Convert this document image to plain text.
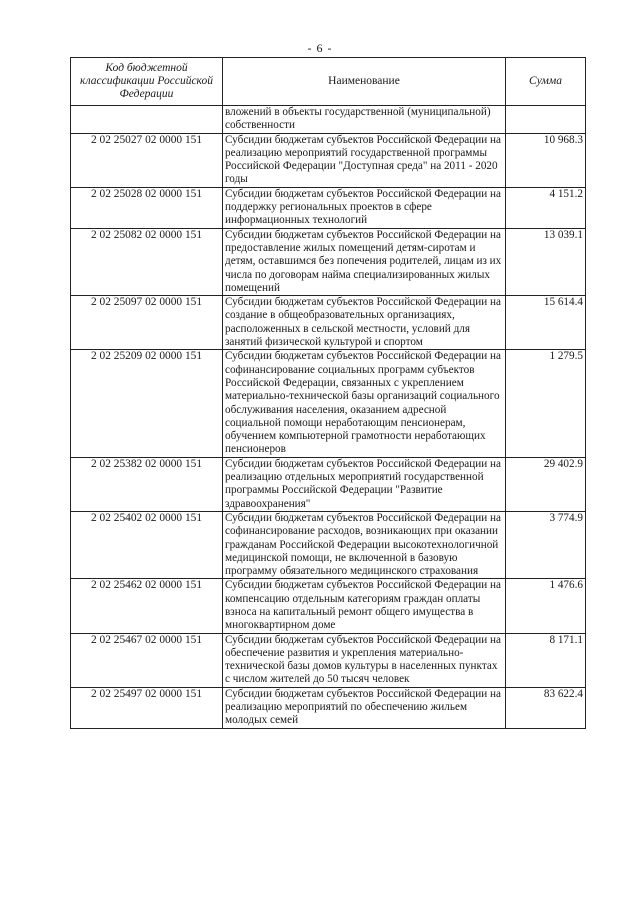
- 6 -
Код бюджетной классификации Российской Федерации	Наименование	Сумма
	вложений в объекты государственной (муниципальной) собственности	
2 02 25027 02 0000 151	Субсидии бюджетам субъектов Российской Федерации на реализацию мероприятий государственной программы Российской Федерации "Доступная среда" на 2011 - 2020 годы	10 968.3
2 02 25028 02 0000 151	Субсидии бюджетам субъектов Российской Федерации на поддержку региональных проектов в сфере информационных технологий	4 151.2
2 02 25082 02 0000 151	Субсидии бюджетам субъектов Российской Федерации на предоставление жилых помещений детям-сиротам и детям, оставшимся без попечения родителей, лицам из их числа по договорам найма специализированных жилых помещений	13 039.1
2 02 25097 02 0000 151	Субсидии бюджетам субъектов Российской Федерации на создание в общеобразовательных организациях, расположенных в сельской местности, условий для занятий физической культурой и спортом	15 614.4
2 02 25209 02 0000 151	Субсидии бюджетам субъектов Российской Федерации на софинансирование социальных программ субъектов Российской Федерации, связанных с укреплением материально-технической базы организаций социального обслуживания населения, оказанием адресной социальной помощи неработающим пенсионерам, обучением компьютерной грамотности неработающих пенсионеров	1 279.5
2 02 25382 02 0000 151	Субсидии бюджетам субъектов Российской Федерации на реализацию отдельных мероприятий государственной программы Российской Федерации "Развитие здравоохранения"	29 402.9
2 02 25402 02 0000 151	Субсидии бюджетам субъектов Российской Федерации на софинансирование расходов, возникающих при оказании гражданам Российской Федерации высокотехнологичной медицинской помощи, не включенной в базовую программу обязательного медицинского страхования	3 774.9
2 02 25462 02 0000 151	Субсидии бюджетам субъектов Российской Федерации на компенсацию отдельным категориям граждан оплаты взноса на капитальный ремонт общего имущества в многоквартирном доме	1 476.6
2 02 25467 02 0000 151	Субсидии бюджетам субъектов Российской Федерации на обеспечение развития и укрепления материально-технической базы домов культуры в населенных пунктах с числом жителей до 50 тысяч человек	8 171.1
2 02 25497 02 0000 151	Субсидии бюджетам субъектов Российской Федерации на реализацию мероприятий по обеспечению жильем молодых семей	83 622.4
